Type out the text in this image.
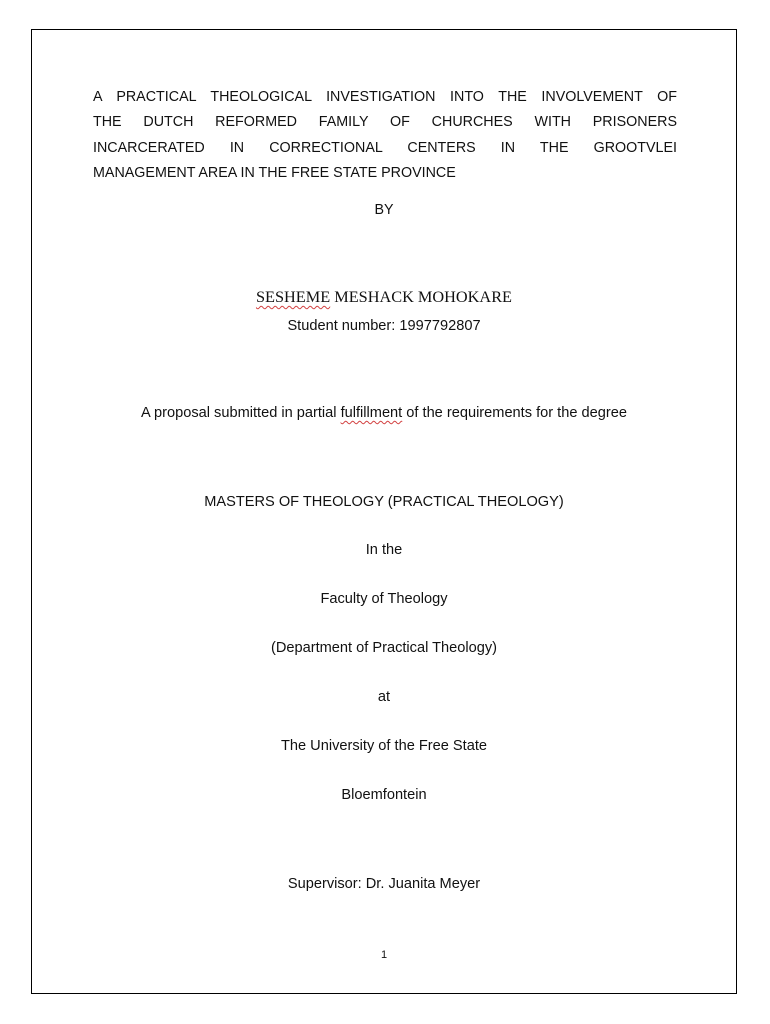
A PRACTICAL THEOLOGICAL INVESTIGATION INTO THE INVOLVEMENT OF
THE DUTCH REFORMED FAMILY OF CHURCHES WITH PRISONERS
INCARCERATED IN CORRECTIONAL CENTERS IN THE GROOTVLEI
MANAGEMENT AREA IN THE FREE STATE PROVINCE
BY
SESHEME MESHACK MOHOKARE
Student number: 1997792807
A proposal submitted in partial fulfillment of the requirements for the degree
MASTERS OF THEOLOGY (PRACTICAL THEOLOGY)
In the
Faculty of Theology
(Department of Practical Theology)
at
The University of the Free State
Bloemfontein
Supervisor: Dr. Juanita Meyer
1
